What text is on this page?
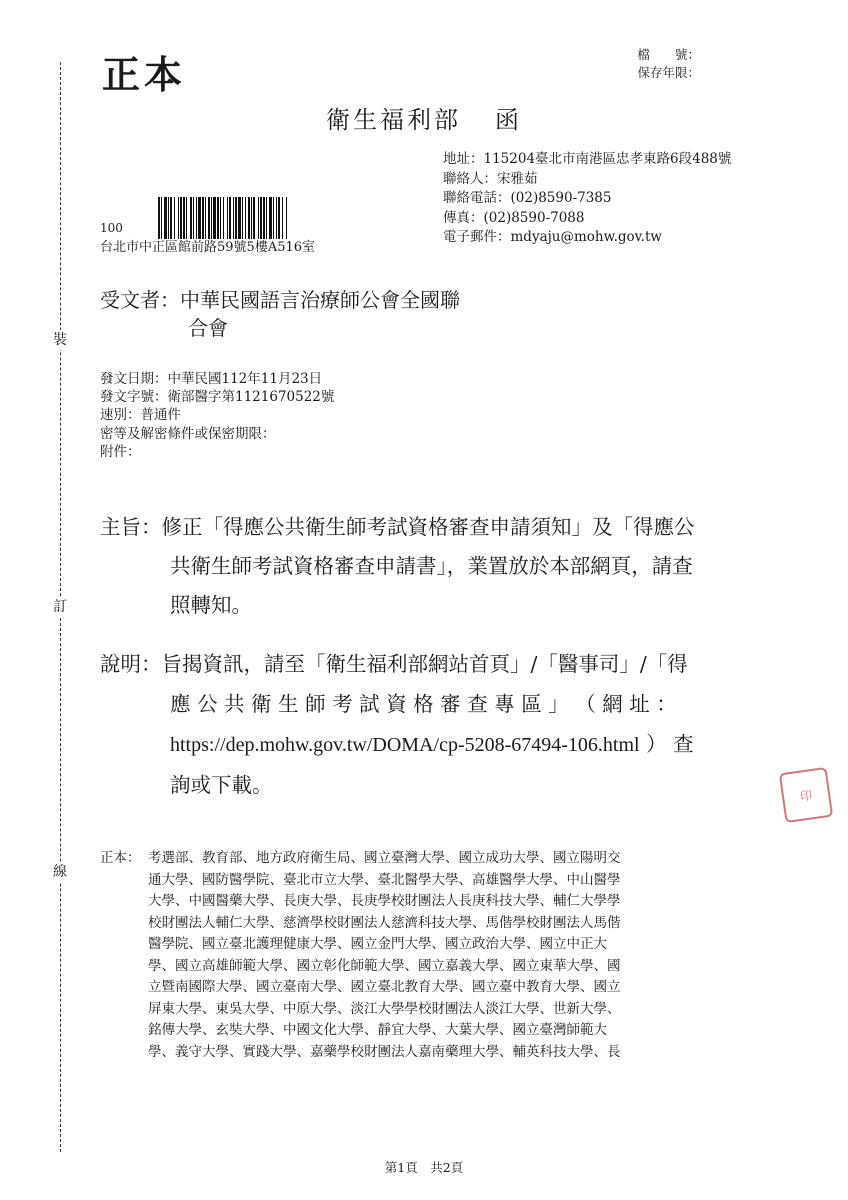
裝
訂
線
正本	檔　　號：
保存年限：
衛生福利部 函
地址：115204臺北市南港區忠孝東路6段488號
聯絡人：宋雅茹
聯絡電話：(02)8590-7385
傳真：(02)8590-7088
電子郵件：mdyaju@mohw.gov.tw
100
台北市中正區館前路59號5樓A516室
受文者：中華民國語言治療師公會全國聯
合會
發文日期：中華民國112年11月23日
發文字號：衛部醫字第1121670522號
速別：普通件
密等及解密條件或保密期限：
附件：
主旨：修正「得應公共衛生師考試資格審查申請須知」及「得應公
共衛生師考試資格審查申請書」，業置放於本部網頁，請查
照轉知。
說明：旨揭資訊，請至「衛生福利部網站首頁」/「醫事司」/「得
應 公 共 衛 生 師 考 試 資 格 審 查 專 區 」 （ 網 址 ：
https://dep.mohw.gov.tw/DOMA/cp-5208-67494-106.html ） 查
詢或下載。	印
正本： 考選部、教育部、地方政府衛生局、國立臺灣大學、國立成功大學、國立陽明交
通大學、國防醫學院、臺北市立大學、臺北醫學大學、高雄醫學大學、中山醫學
大學、中國醫藥大學、長庚大學、長庚學校財團法人長庚科技大學、輔仁大學學
校財團法人輔仁大學、慈濟學校財團法人慈濟科技大學、馬偕學校財團法人馬偕
醫學院、國立臺北護理健康大學、國立金門大學、國立政治大學、國立中正大
學、國立高雄師範大學、國立彰化師範大學、國立嘉義大學、國立東華大學、國
立暨南國際大學、國立臺南大學、國立臺北教育大學、國立臺中教育大學、國立
屏東大學、東吳大學、中原大學、淡江大學學校財團法人淡江大學、世新大學、
銘傳大學、玄奘大學、中國文化大學、靜宜大學、大葉大學、國立臺灣師範大
學、義守大學、實踐大學、嘉藥學校財團法人嘉南藥理大學、輔英科技大學、長
第1頁　共2頁
